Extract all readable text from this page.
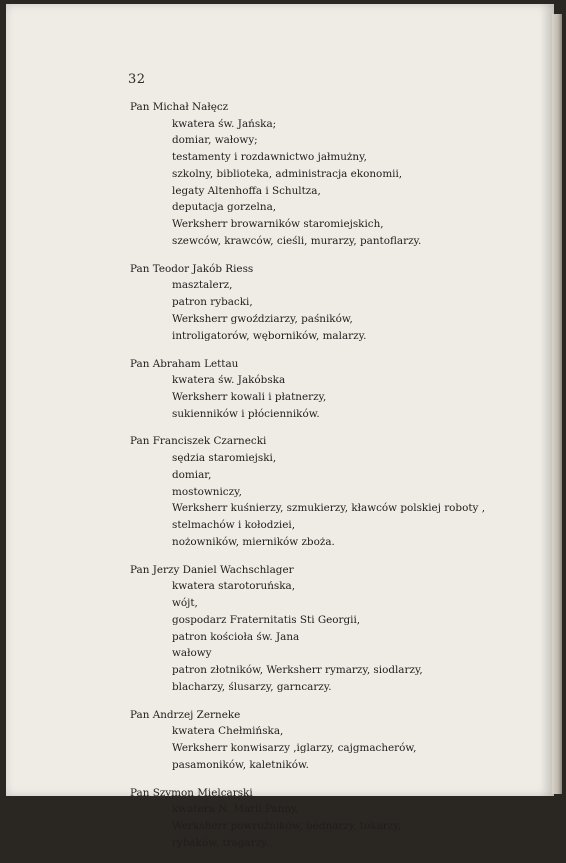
32
Pan Michał Nałęcz
kwatera św. Jańska;
domiar, wałowy;
testamenty i rozdawnictwo jałmużny,
szkolny, biblioteka, administracja ekonomii,
legaty Altenhoffa i Schultza,
deputacja gorzelna,
Werksherr browarników staromiejskich,
szewców, krawców, cieśli, murarzy, pantoflarzy.
Pan Teodor Jakób Riess
masztalerz,
patron rybacki,
Werksherr gwoździarzy, paśników,
introligatorów, węborników, malarzy.
Pan Abraham Lettau
kwatera św. Jakóbska
Werksherr kowali i płatnerzy,
sukienników i płócienników.
Pan Franciszek Czarnecki
sędzia staromiejski,
domiar,
mostowniczy,
Werksherr kuśnierzy, szmukierzy, kławców polskiej roboty ,
stelmachów i kołodziei,
nożowników, mierników zboża.
Pan Jerzy Daniel Wachschlager
kwatera starotoruńska,
wójt,
gospodarz Fraternitatis Sti Georgii,
patron kościoła św. Jana
wałowy
patron złotników, Werksherr rymarzy, siodlarzy,
blacharzy, ślusarzy, garncarzy.
Pan Andrzej Zerneke
kwatera Chełmińska,
Werksherr konwisarzy ,iglarzy, cajgmacherów,
pasamoników, kaletników.
Pan Szymon Mielcarski
kwatera N. Marii Panny,
Werksherr powroźników, bednarzy, tokarzy,
rybaków, tragarzy.
